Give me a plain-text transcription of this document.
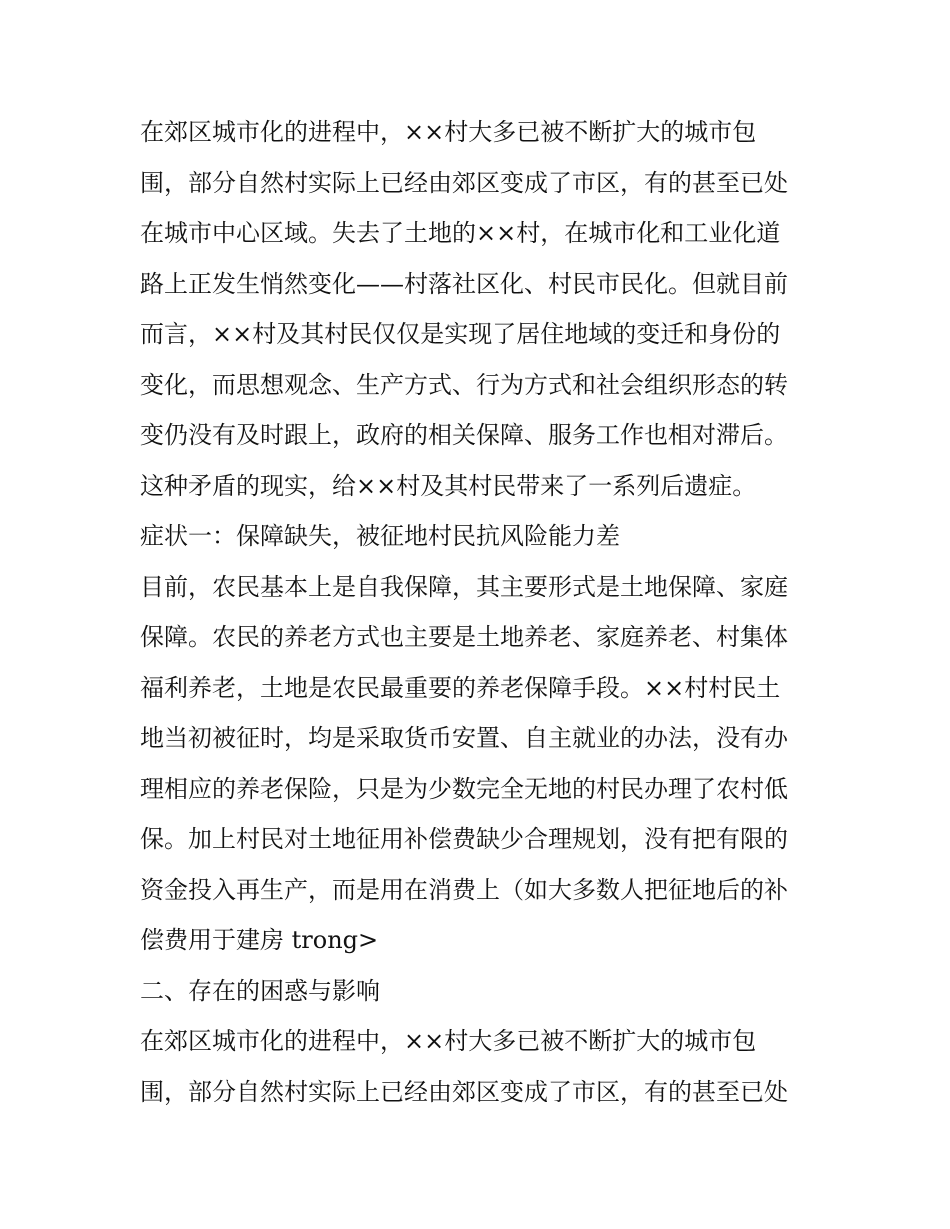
在郊区城市化的进程中，××村大多已被不断扩大的城市包
围，部分自然村实际上已经由郊区变成了市区，有的甚至已处
在城市中心区域。失去了土地的××村，在城市化和工业化道
路上正发生悄然变化——村落社区化、村民市民化。但就目前
而言，××村及其村民仅仅是实现了居住地域的变迁和身份的
变化，而思想观念、生产方式、行为方式和社会组织形态的转
变仍没有及时跟上，政府的相关保障、服务工作也相对滞后。
这种矛盾的现实，给××村及其村民带来了一系列后遗症。
症状一：保障缺失，被征地村民抗风险能力差
目前，农民基本上是自我保障，其主要形式是土地保障、家庭
保障。农民的养老方式也主要是土地养老、家庭养老、村集体
福利养老，土地是农民最重要的养老保障手段。××村村民土
地当初被征时，均是采取货币安置、自主就业的办法，没有办
理相应的养老保险，只是为少数完全无地的村民办理了农村低
保。加上村民对土地征用补偿费缺少合理规划，没有把有限的
资金投入再生产，而是用在消费上（如大多数人把征地后的补
偿费用于建房 trong>
二、存在的困惑与影响
在郊区城市化的进程中，××村大多已被不断扩大的城市包
围，部分自然村实际上已经由郊区变成了市区，有的甚至已处
